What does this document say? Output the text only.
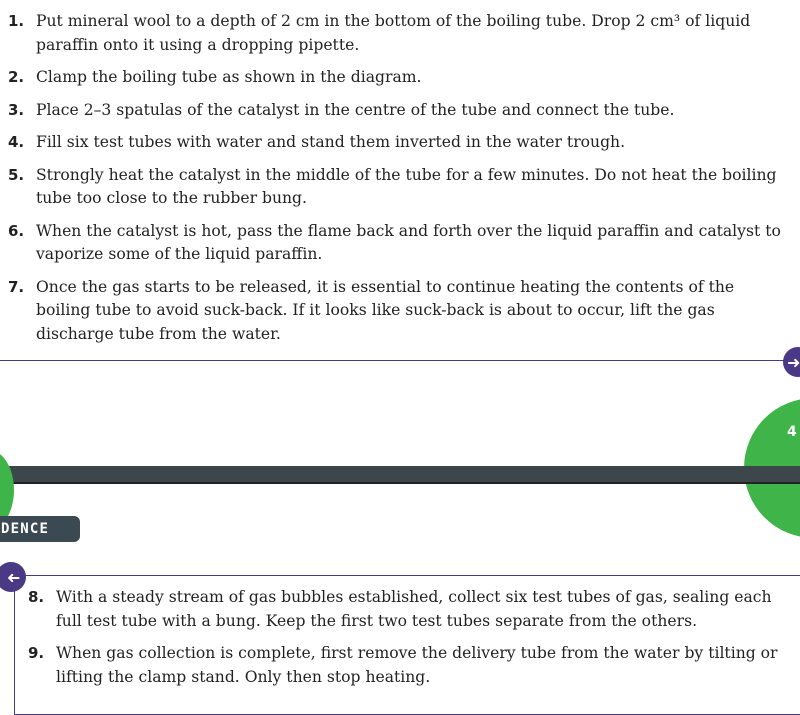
1. Put mineral wool to a depth of 2 cm in the bottom of the boiling tube. Drop 2 cm³ of liquid paraffin onto it using a dropping pipette.
2. Clamp the boiling tube as shown in the diagram.
3. Place 2–3 spatulas of the catalyst in the centre of the tube and connect the tube.
4. Fill six test tubes with water and stand them inverted in the water trough.
5. Strongly heat the catalyst in the middle of the tube for a few minutes. Do not heat the boiling tube too close to the rubber bung.
6. When the catalyst is hot, pass the flame back and forth over the liquid paraffin and catalyst to vaporize some of the liquid paraffin.
7. Once the gas starts to be released, it is essential to continue heating the contents of the boiling tube to avoid suck-back. If it looks like suck-back is about to occur, lift the gas discharge tube from the water.
➜
4
DENCE
➜
8. With a steady stream of gas bubbles established, collect six test tubes of gas, sealing each full test tube with a bung. Keep the first two test tubes separate from the others.
9. When gas collection is complete, first remove the delivery tube from the water by tilting or lifting the clamp stand. Only then stop heating.
